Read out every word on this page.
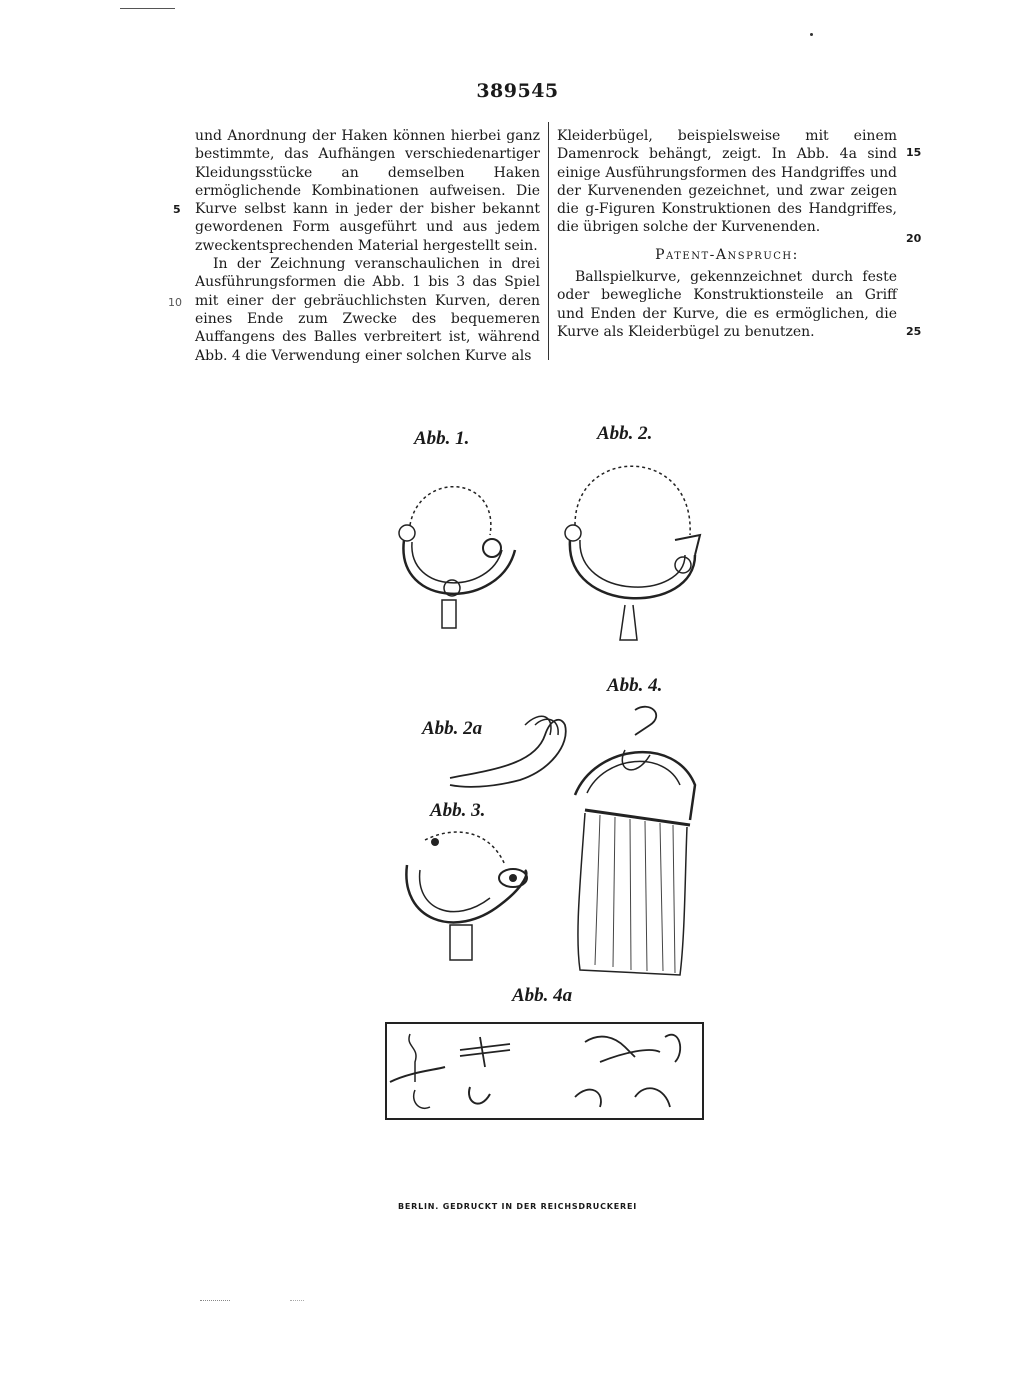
389545

und Anordnung der Haken können hierbei ganz bestimmte, das Aufhängen verschiedenartiger Kleidungsstücke an demselben Haken ermöglichende Kombinationen aufweisen. Die Kurve selbst kann in jeder der bisher bekannt gewordenen Form ausgeführt und aus jedem zweckentsprechenden Material hergestellt sein.

In der Zeichnung veranschaulichen in drei Ausführungsformen die Abb. 1 bis 3 das Spiel mit einer der gebräuchlichsten Kurven, deren eines Ende zum Zwecke des bequemeren Auffangens des Balles verbreitert ist, während Abb. 4 die Verwendung einer solchen Kurve als

Kleiderbügel, beispielsweise mit einem Damenrock behängt, zeigt. In Abb. 4a sind einige Ausführungsformen des Handgriffes und der Kurvenenden gezeichnet, und zwar zeigen die g-Figuren Konstruktionen des Handgriffes, die übrigen solche der Kurvenenden.

Patent-Anspruch:

Ballspielkurve, gekennzeichnet durch feste oder bewegliche Konstruktionsteile an Griff und Enden der Kurve, die es ermöglichen, die Kurve als Kleiderbügel zu benutzen.

5
10
15
20
25
Abb. 1.	Abb. 2.
Abb. 4.
Abb. 2a
Abb. 3.
Abb. 4a
BERLIN. GEDRUCKT IN DER REICHSDRUCKEREI
